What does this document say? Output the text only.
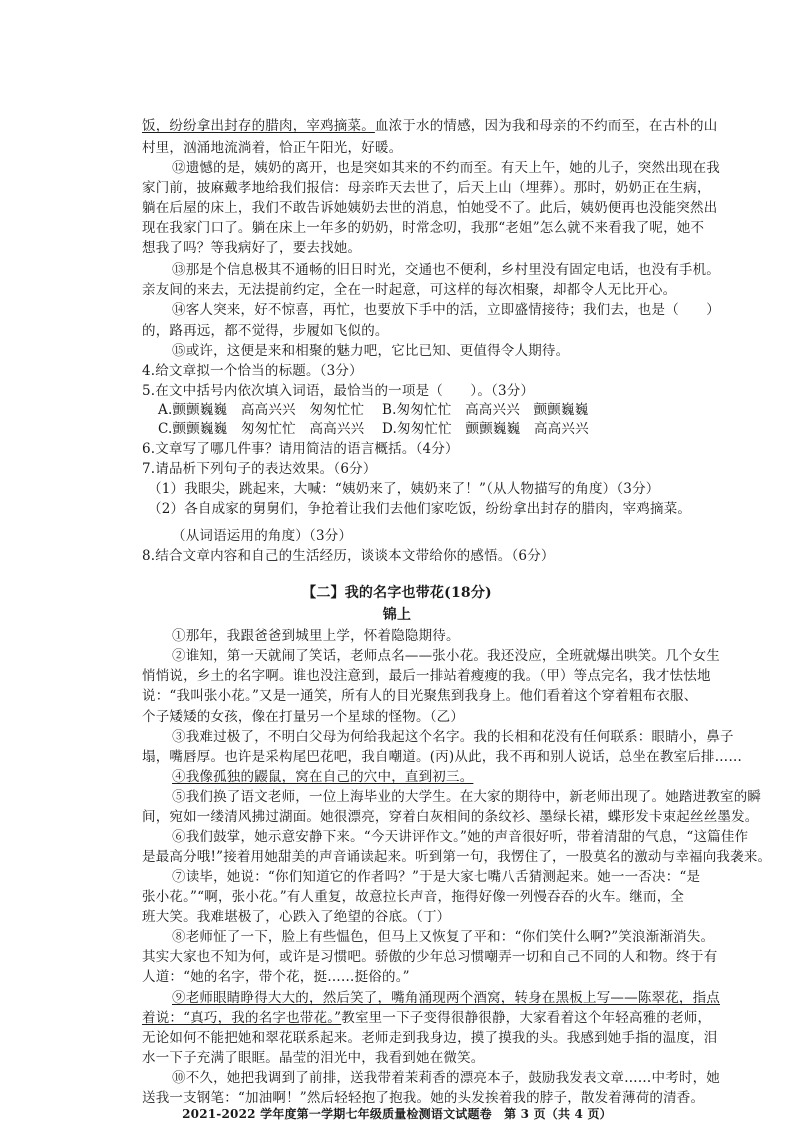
饭，纷纷拿出封存的腊肉，宰鸡摘菜。血浓于水的情感，因为我和母亲的不约而至，在古朴的山
村里，汹涌地流淌着，恰正午阳光，好暖。
⑫遗憾的是，姨奶的离开，也是突如其来的不约而至。有天上午，她的儿子，突然出现在我
家门前，披麻戴孝地给我们报信：母亲昨天去世了，后天上山（埋葬）。那时，奶奶正在生病，
躺在后屋的床上，我们不敢告诉她姨奶去世的消息，怕她受不了。此后，姨奶便再也没能突然出
现在我家门口了。躺在床上一年多的奶奶，时常念叨，我那“老姐”怎么就不来看我了呢，她不
想我了吗？等我病好了，要去找她。
⑬那是个信息极其不通畅的旧日时光，交通也不便利，乡村里没有固定电话，也没有手机。
亲友间的来去，无法提前约定，全在一时起意，可这样的每次相聚，却都令人无比开心。
⑭客人突来，好不惊喜，再忙，也要放下手中的活，立即盛情接待；我们去，也是（　　）
的，路再远，都不觉得，步履如飞似的。
⑮或许，这便是来和相聚的魅力吧，它比已知、更值得令人期待。
4.给文章拟一个恰当的标题。（3分）
5.在文中括号内依次填入词语，最恰当的一项是（　　）。（3分）
A.颤颤巍巍　高高兴兴　匆匆忙忙 B.匆匆忙忙　高高兴兴　颤颤巍巍
C.颤颤巍巍　匆匆忙忙　高高兴兴 D.匆匆忙忙　颤颤巍巍　高高兴兴
6.文章写了哪几件事？请用简洁的语言概括。（4分）
7.请品析下列句子的表达效果。（6分）
（1）我眼尖，跳起来，大喊：“姨奶来了，姨奶来了！”（从人物描写的角度）（3分）
（2）各自成家的舅舅们，争抢着让我们去他们家吃饭，纷纷拿出封存的腊肉，宰鸡摘菜。
（从词语运用的角度）（3分）
8.结合文章内容和自己的生活经历，谈谈本文带给你的感悟。（6分）
【二】我的名字也带花(18分)
锦上
①那年，我跟爸爸到城里上学，怀着隐隐期待。
②谁知，第一天就闹了笑话，老师点名——张小花。我还没应，全班就爆出哄笑。几个女生
悄悄说，乡土的名字啊。谁也没注意到，最后一排站着瘦瘦的我。（甲）等点完名，我才怯怯地
说：“我叫张小花。”又是一通笑，所有人的目光聚焦到我身上。他们看着这个穿着粗布衣服、
个子矮矮的女孩，像在打量另一个星球的怪物。（乙）
③我难过极了，不明白父母为何给我起这个名字。我的长相和花没有任何联系：眼睛小，鼻子
塌，嘴唇厚。也许是采构尾巴花吧，我自嘲道。(丙)从此，我不再和别人说话，总坐在教室后排……
④我像孤独的鼹鼠，窝在自己的穴中，直到初三。
⑤我们换了语文老师，一位上海毕业的大学生。在大家的期待中，新老师出现了。她踏进教室的瞬
间，宛如一缕清风拂过湖面。她很漂亮，穿着白灰相间的条纹衫、墨绿长裙，蝶形发卡束起丝丝墨发。
⑥我们鼓掌，她示意安静下来。“今天讲评作文。”她的声音很好听，带着清甜的气息，“这篇佳作
是最高分哦!”接着用她甜美的声音诵读起来。听到第一句，我愣住了，一股莫名的激动与幸福向我袭来。
⑦读毕，她说：“你们知道它的作者吗？”于是大家七嘴八舌猜测起来。她一一否决：“是
张小花。”“啊，张小花。”有人重复，故意拉长声音，拖得好像一列慢吞吞的火车。继而，全
班大笑。我难堪极了，心跌入了绝望的谷底。（丁）
⑧老师怔了一下，脸上有些愠色，但马上又恢复了平和：“你们笑什么啊?”笑浪渐渐消失。
其实大家也不知为何，或许是习惯吧。骄傲的少年总习惯嘲弄一切和自己不同的人和物。终于有
人道：“她的名字，带个花，挺……挺俗的。”
⑨老师眼睛睁得大大的，然后笑了，嘴角涌现两个酒窝，转身在黑板上写——陈翠花，指点
着说：“真巧，我的名字也带花。”教室里一下子变得很静很静，大家看着这个年轻高雅的老师，
无论如何不能把她和翠花联系起来。老师走到我身边，摸了摸我的头。我感到她手指的温度，泪
水一下子充满了眼眶。晶莹的泪光中，我看到她在微笑。
⑩不久，她把我调到了前排，送我带着茉莉香的漂亮本子，鼓励我发表文章……中考时，她
送我一支钢笔：“加油啊！”然后轻轻抱了抱我。她的头发挨着我的脖子，散发着薄荷的清香。
2021-2022 学年度第一学期七年级质量检测语文试题卷　第 3 页（共 4 页）
